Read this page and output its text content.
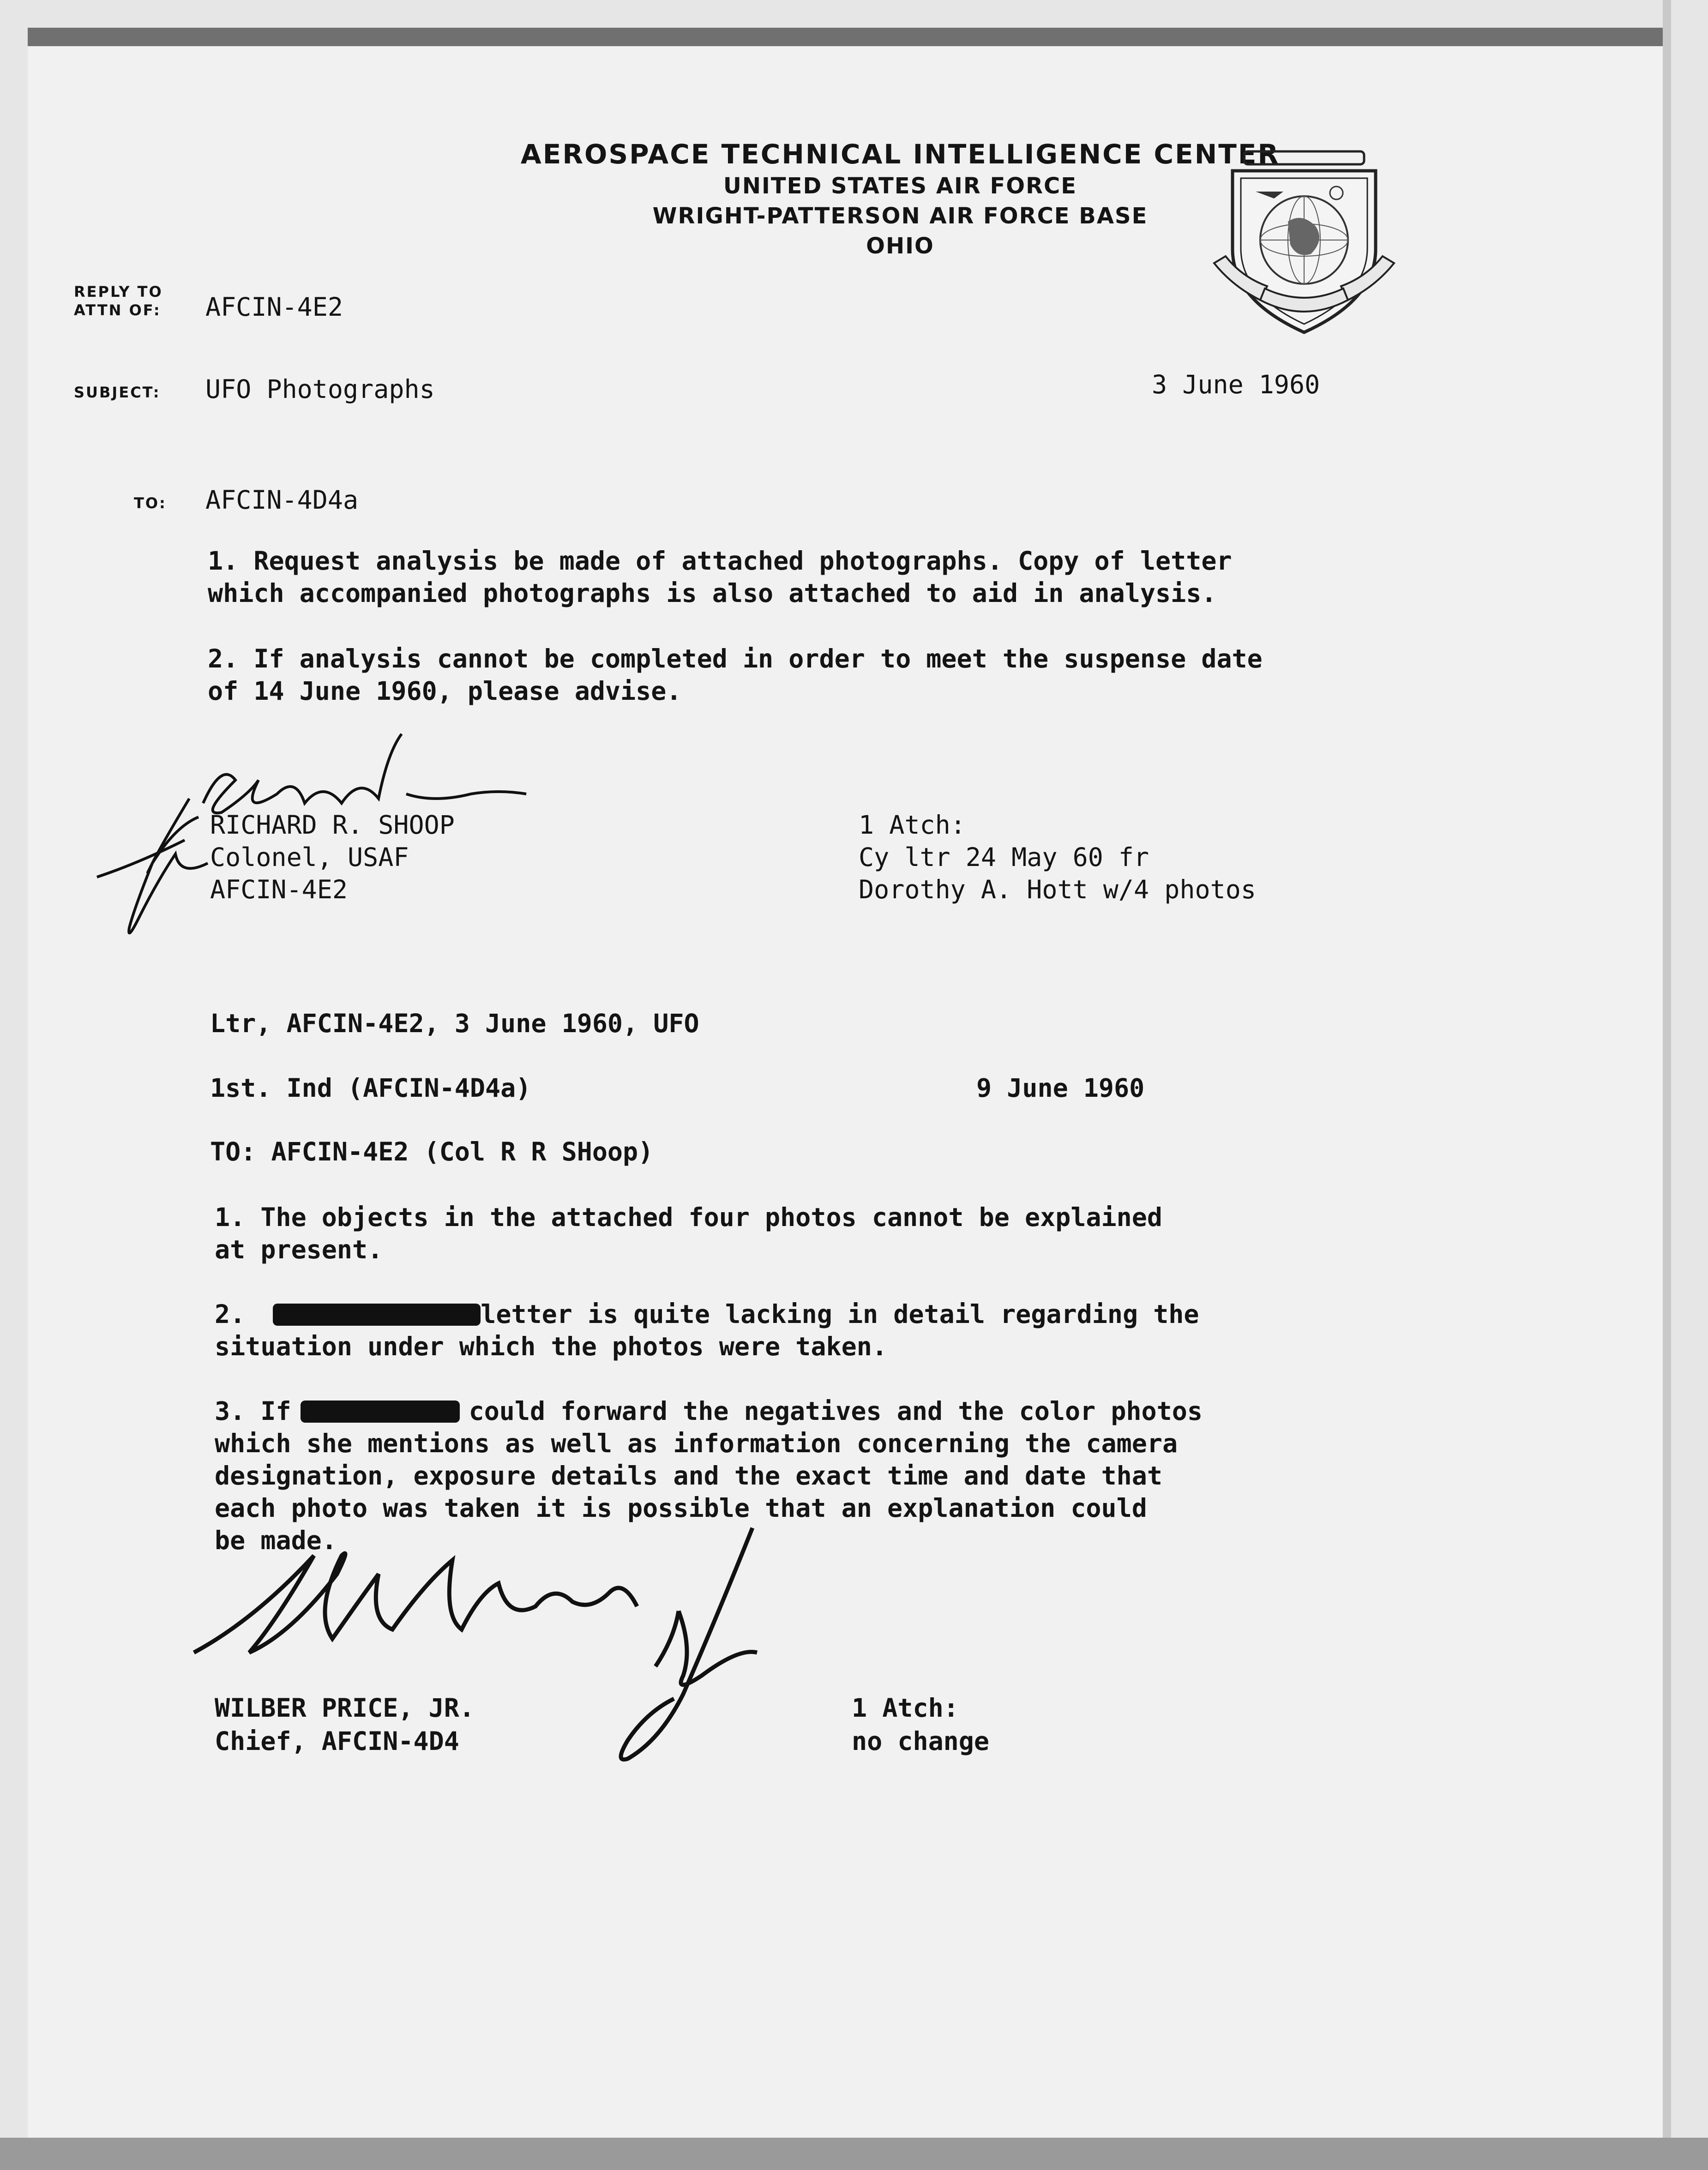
AEROSPACE TECHNICAL INTELLIGENCE CENTER
UNITED STATES AIR FORCE
WRIGHT-PATTERSON AIR FORCE BASE
OHIO
REPLY TO
ATTN OF: AFCIN-4E2
SUBJECT: UFO Photographs	3 June 1960
TO: AFCIN-4D4a
1. Request analysis be made of attached photographs. Copy of letter
which accompanied photographs is also attached to aid in analysis.
2. If analysis cannot be completed in order to meet the suspense date
of 14 June 1960, please advise.
RICHARD R. SHOOP
Colonel, USAF
AFCIN-4E2
1 Atch:
Cy ltr 24 May 60 fr
Dorothy A. Hott w/4 photos
Ltr, AFCIN-4E2, 3 June 1960, UFO
1st. Ind (AFCIN-4D4a)	9 June 1960
TO: AFCIN-4E2 (Col R R SHoop)
1. The objects in the attached four photos cannot be explained
at present.
2.	letter is quite lacking in detail regarding the
situation under which the photos were taken.
3. If	could forward the negatives and the color photos
which she mentions as well as information concerning the camera
designation, exposure details and the exact time and date that
each photo was taken it is possible that an explanation could
be made.
WILBER PRICE, JR.
Chief, AFCIN-4D4
1 Atch:
no change
